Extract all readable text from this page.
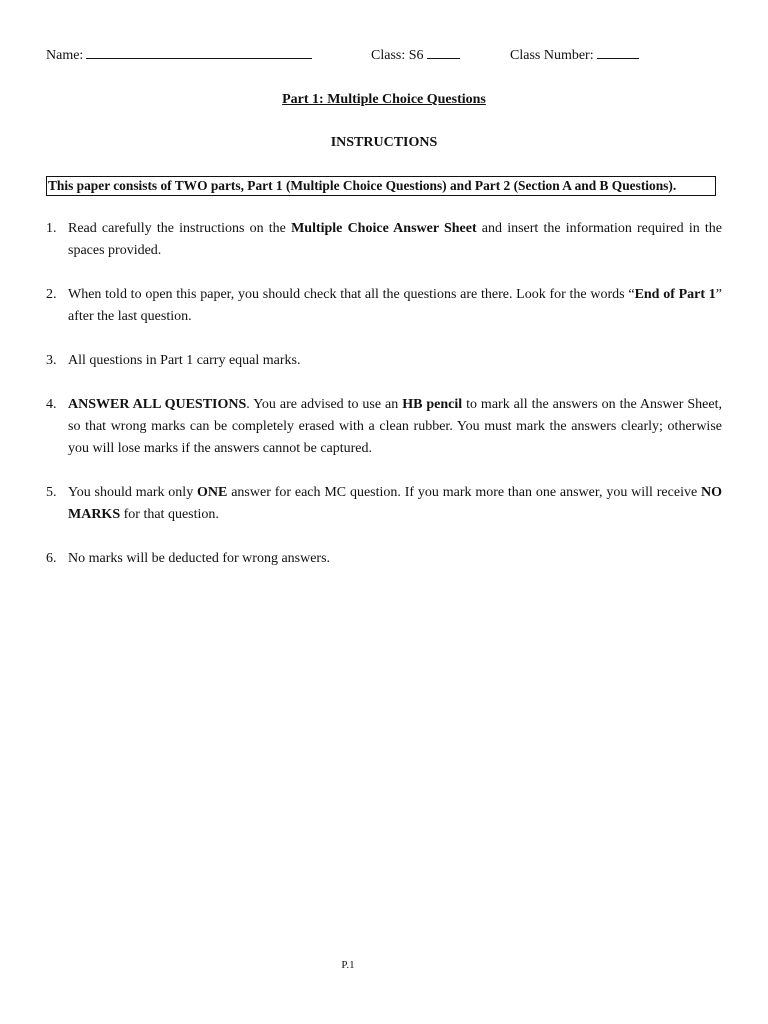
Name:	Class: S6	Class Number:
Part 1: Multiple Choice Questions
INSTRUCTIONS
This paper consists of TWO parts, Part 1 (Multiple Choice Questions) and Part 2 (Section A and B Questions).
1. Read carefully the instructions on the Multiple Choice Answer Sheet and insert the information required in the spaces provided.
2. When told to open this paper, you should check that all the questions are there. Look for the words “End of Part 1” after the last question.
3. All questions in Part 1 carry equal marks.
4. ANSWER ALL QUESTIONS. You are advised to use an HB pencil to mark all the answers on the Answer Sheet, so that wrong marks can be completely erased with a clean rubber. You must mark the answers clearly; otherwise you will lose marks if the answers cannot be captured.
5. You should mark only ONE answer for each MC question. If you mark more than one answer, you will receive NO MARKS for that question.
6. No marks will be deducted for wrong answers.
P.1
